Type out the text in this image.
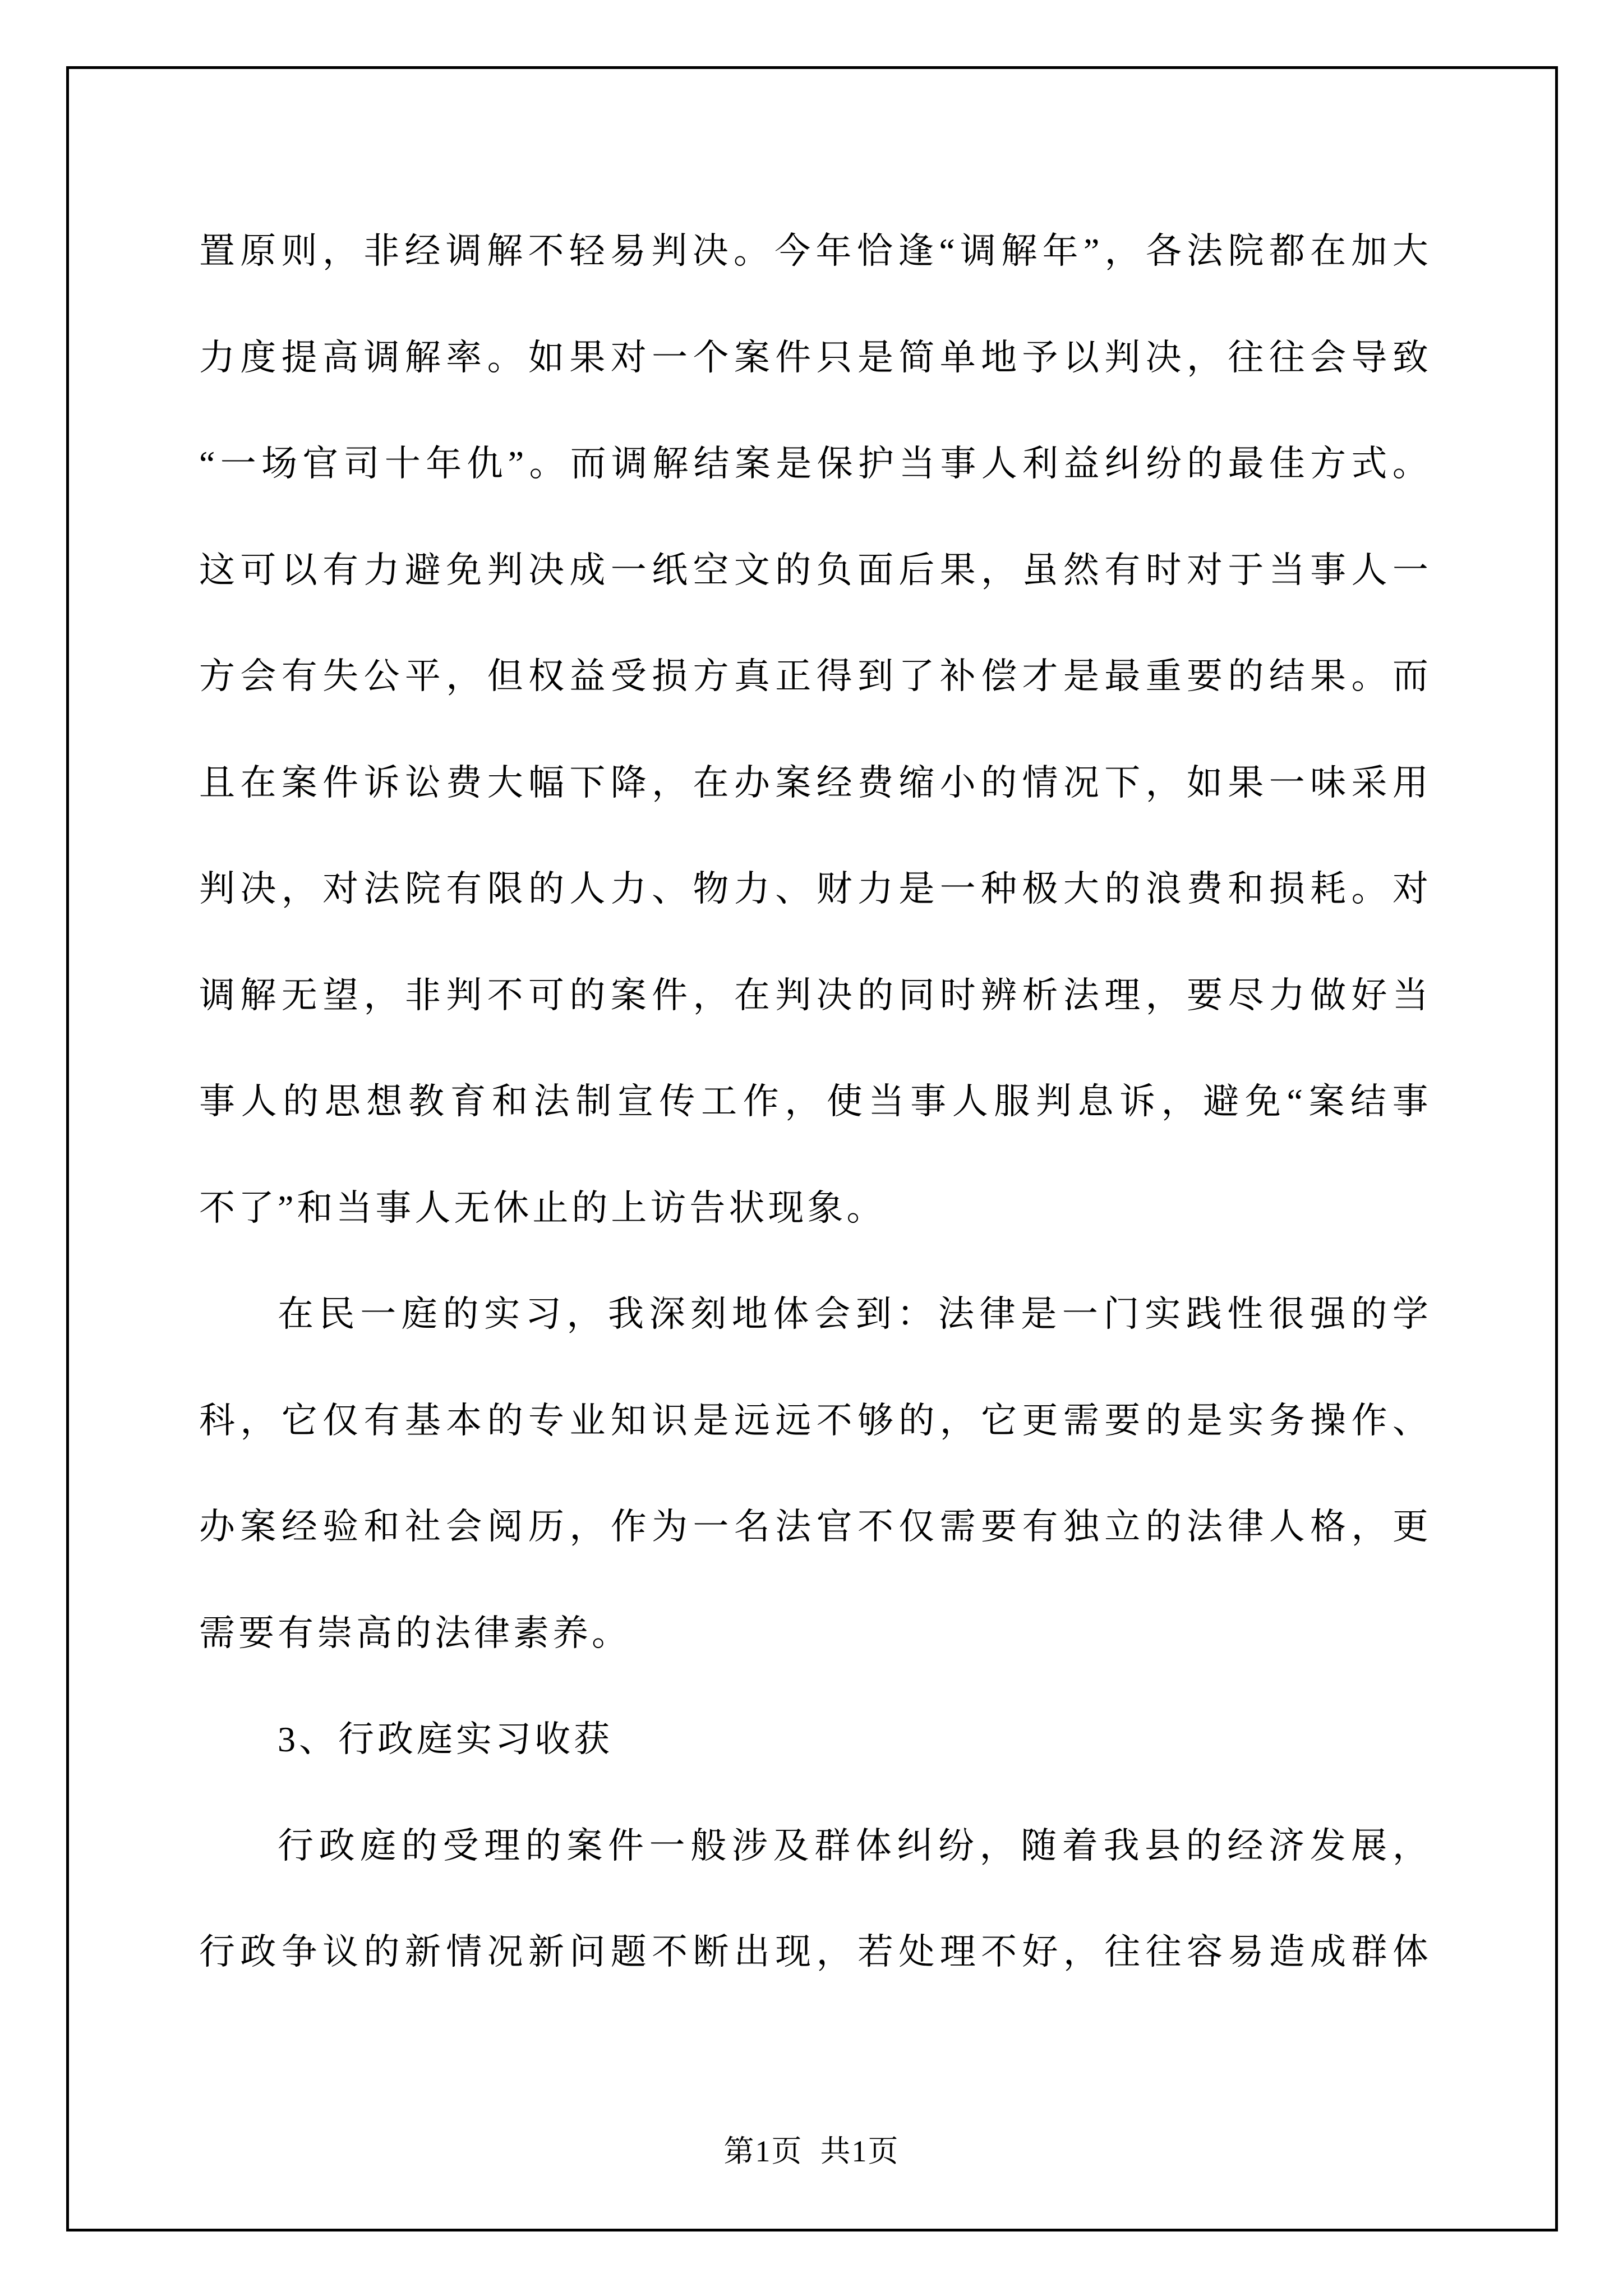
置 原 则 ， 非 经 调 解 不 轻 易 判 决 。 今 年 恰 逢 “ 调 解 年 ” ， 各 法 院 都 在 加 大
力 度 提 高 调 解 率 。 如 果 对 一 个 案 件 只 是 简 单 地 予 以 判 决 ， 往 往 会 导 致
“ 一 场 官 司 十 年 仇 ” 。 而 调 解 结 案 是 保 护 当 事 人 利 益 纠 纷 的 最 佳 方 式 。
这 可 以 有 力 避 免 判 决 成 一 纸 空 文 的 负 面 后 果 ， 虽 然 有 时 对 于 当 事 人 一
方 会 有 失 公 平 ， 但 权 益 受 损 方 真 正 得 到 了 补 偿 才 是 最 重 要 的 结 果 。 而
且 在 案 件 诉 讼 费 大 幅 下 降 ， 在 办 案 经 费 缩 小 的 情 况 下 ， 如 果 一 味 采 用
判 决 ， 对 法 院 有 限 的 人 力 、 物 力 、 财 力 是 一 种 极 大 的 浪 费 和 损 耗 。 对
调 解 无 望 ， 非 判 不 可 的 案 件 ， 在 判 决 的 同 时 辨 析 法 理 ， 要 尽 力 做 好 当
事 人 的 思 想 教 育 和 法 制 宣 传 工 作 ， 使 当 事 人 服 判 息 诉 ， 避 免 “ 案 结 事
不了”和当事人无休止的上访告状现象。
在 民 一 庭 的 实 习 ， 我 深 刻 地 体 会 到 ： 法 律 是 一 门 实 践 性 很 强 的 学
科 ， 它 仅 有 基 本 的 专 业 知 识 是 远 远 不 够 的 ， 它 更 需 要 的 是 实 务 操 作 、
办 案 经 验 和 社 会 阅 历 ， 作 为 一 名 法 官 不 仅 需 要 有 独 立 的 法 律 人 格 ， 更
需要有崇高的法律素养。
3、行政庭实习收获
行 政 庭 的 受 理 的 案 件 一 般 涉 及 群 体 纠 纷 ， 随 着 我 县 的 经 济 发 展 ，
行 政 争 议 的 新 情 况 新 问 题 不 断 出 现 ， 若 处 理 不 好 ， 往 往 容 易 造 成 群 体
第1页  共1页
